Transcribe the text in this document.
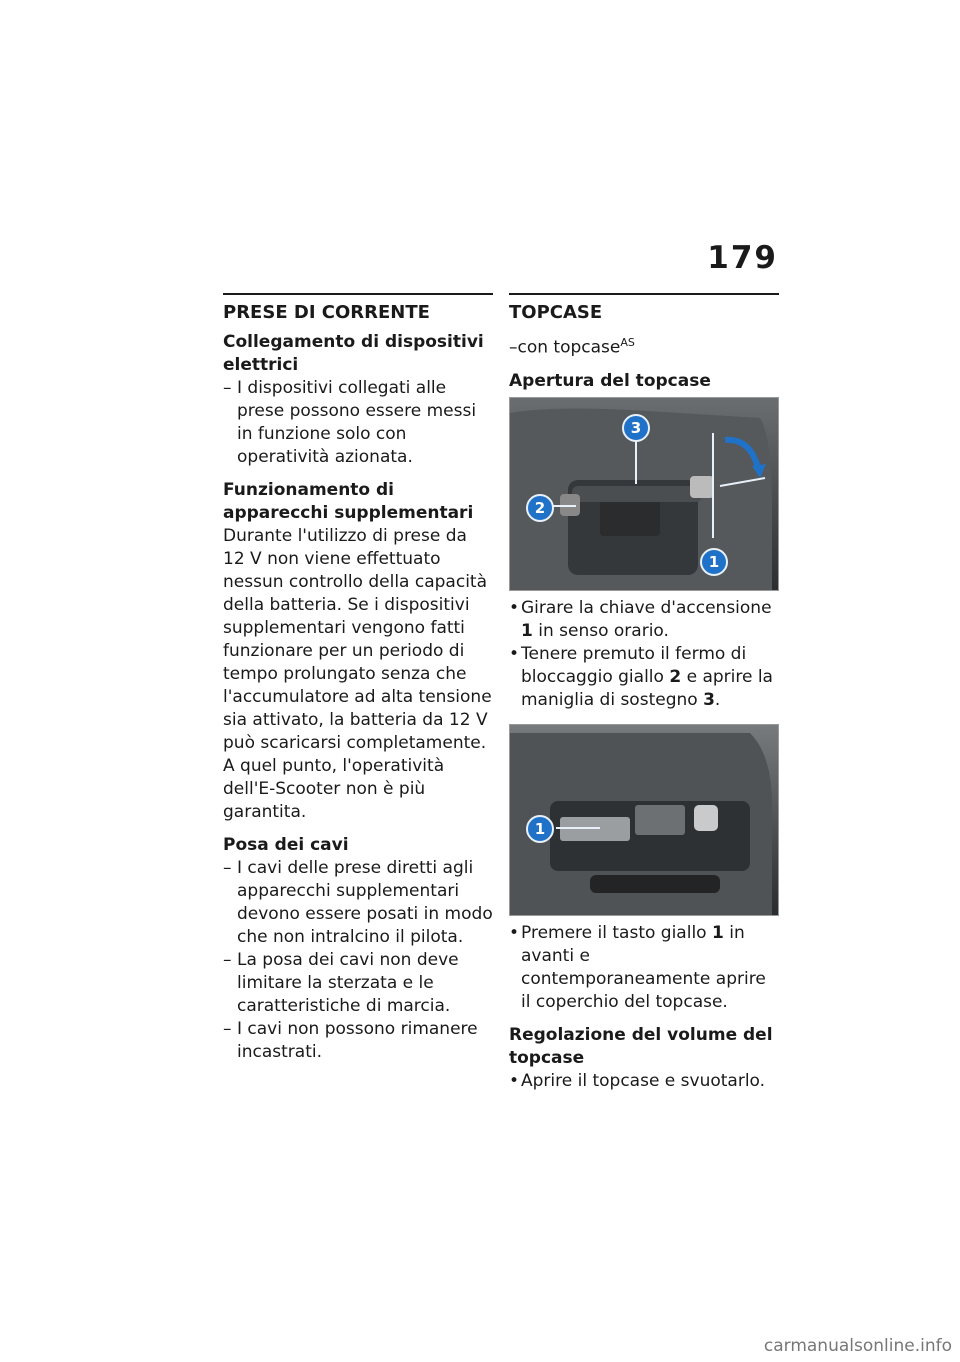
179
PRESE DI CORRENTE
Collegamento di dispositivi elettrici
– I dispositivi collegati alle prese possono essere messi in funzione solo con operatività azionata.
Funzionamento di apparecchi supplementari
Durante l'utilizzo di prese da 12 V non viene effettuato nessun controllo della capacità della batteria. Se i dispositivi supplementari vengono fatti funzionare per un periodo di tempo prolungato senza che l'accumulatore ad alta tensione sia attivato, la batteria da 12 V può scaricarsi completamente. A quel punto, l'operatività dell'E-Scooter non è più garantita.
Posa dei cavi
– I cavi delle prese diretti agli apparecchi supplementari devono essere posati in modo che non intralcino il pilota.
– La posa dei cavi non deve limitare la sterzata e le caratteristiche di marcia.
– I cavi non possono rimanere incastrati.
TOPCASE
–con topcase$^{AS}$
Apertura del topcase
1
2
3
• Girare la chiave d'accensione 1 in senso orario.
• Tenere premuto il fermo di bloccaggio giallo 2 e aprire la maniglia di sostegno 3.
1
• Premere il tasto giallo 1 in avanti e contemporaneamente aprire il coperchio del topcase.
Regolazione del volume del topcase
• Aprire il topcase e svuotarlo.
carmanualsonline.info
